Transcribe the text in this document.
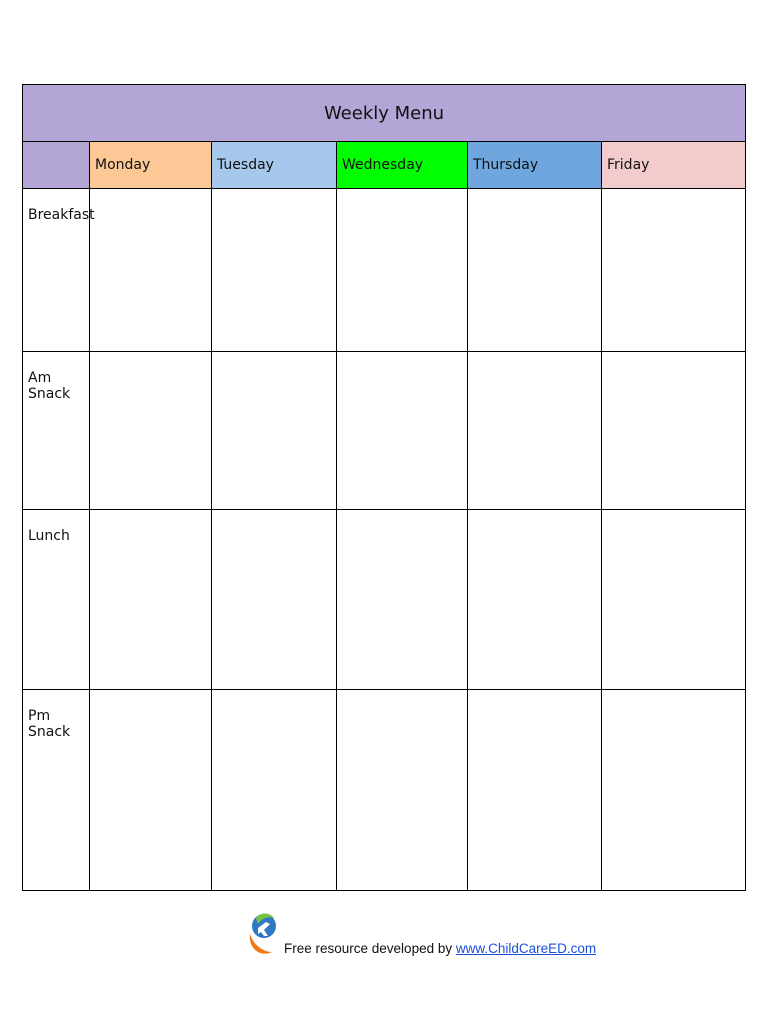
Weekly Menu					
	Monday	Tuesday	Wednesday	Thursday	Friday
Breakfast					
Am Snack					
Lunch					
Pm Snack					
Free resource developed by www.ChildCareED.com
